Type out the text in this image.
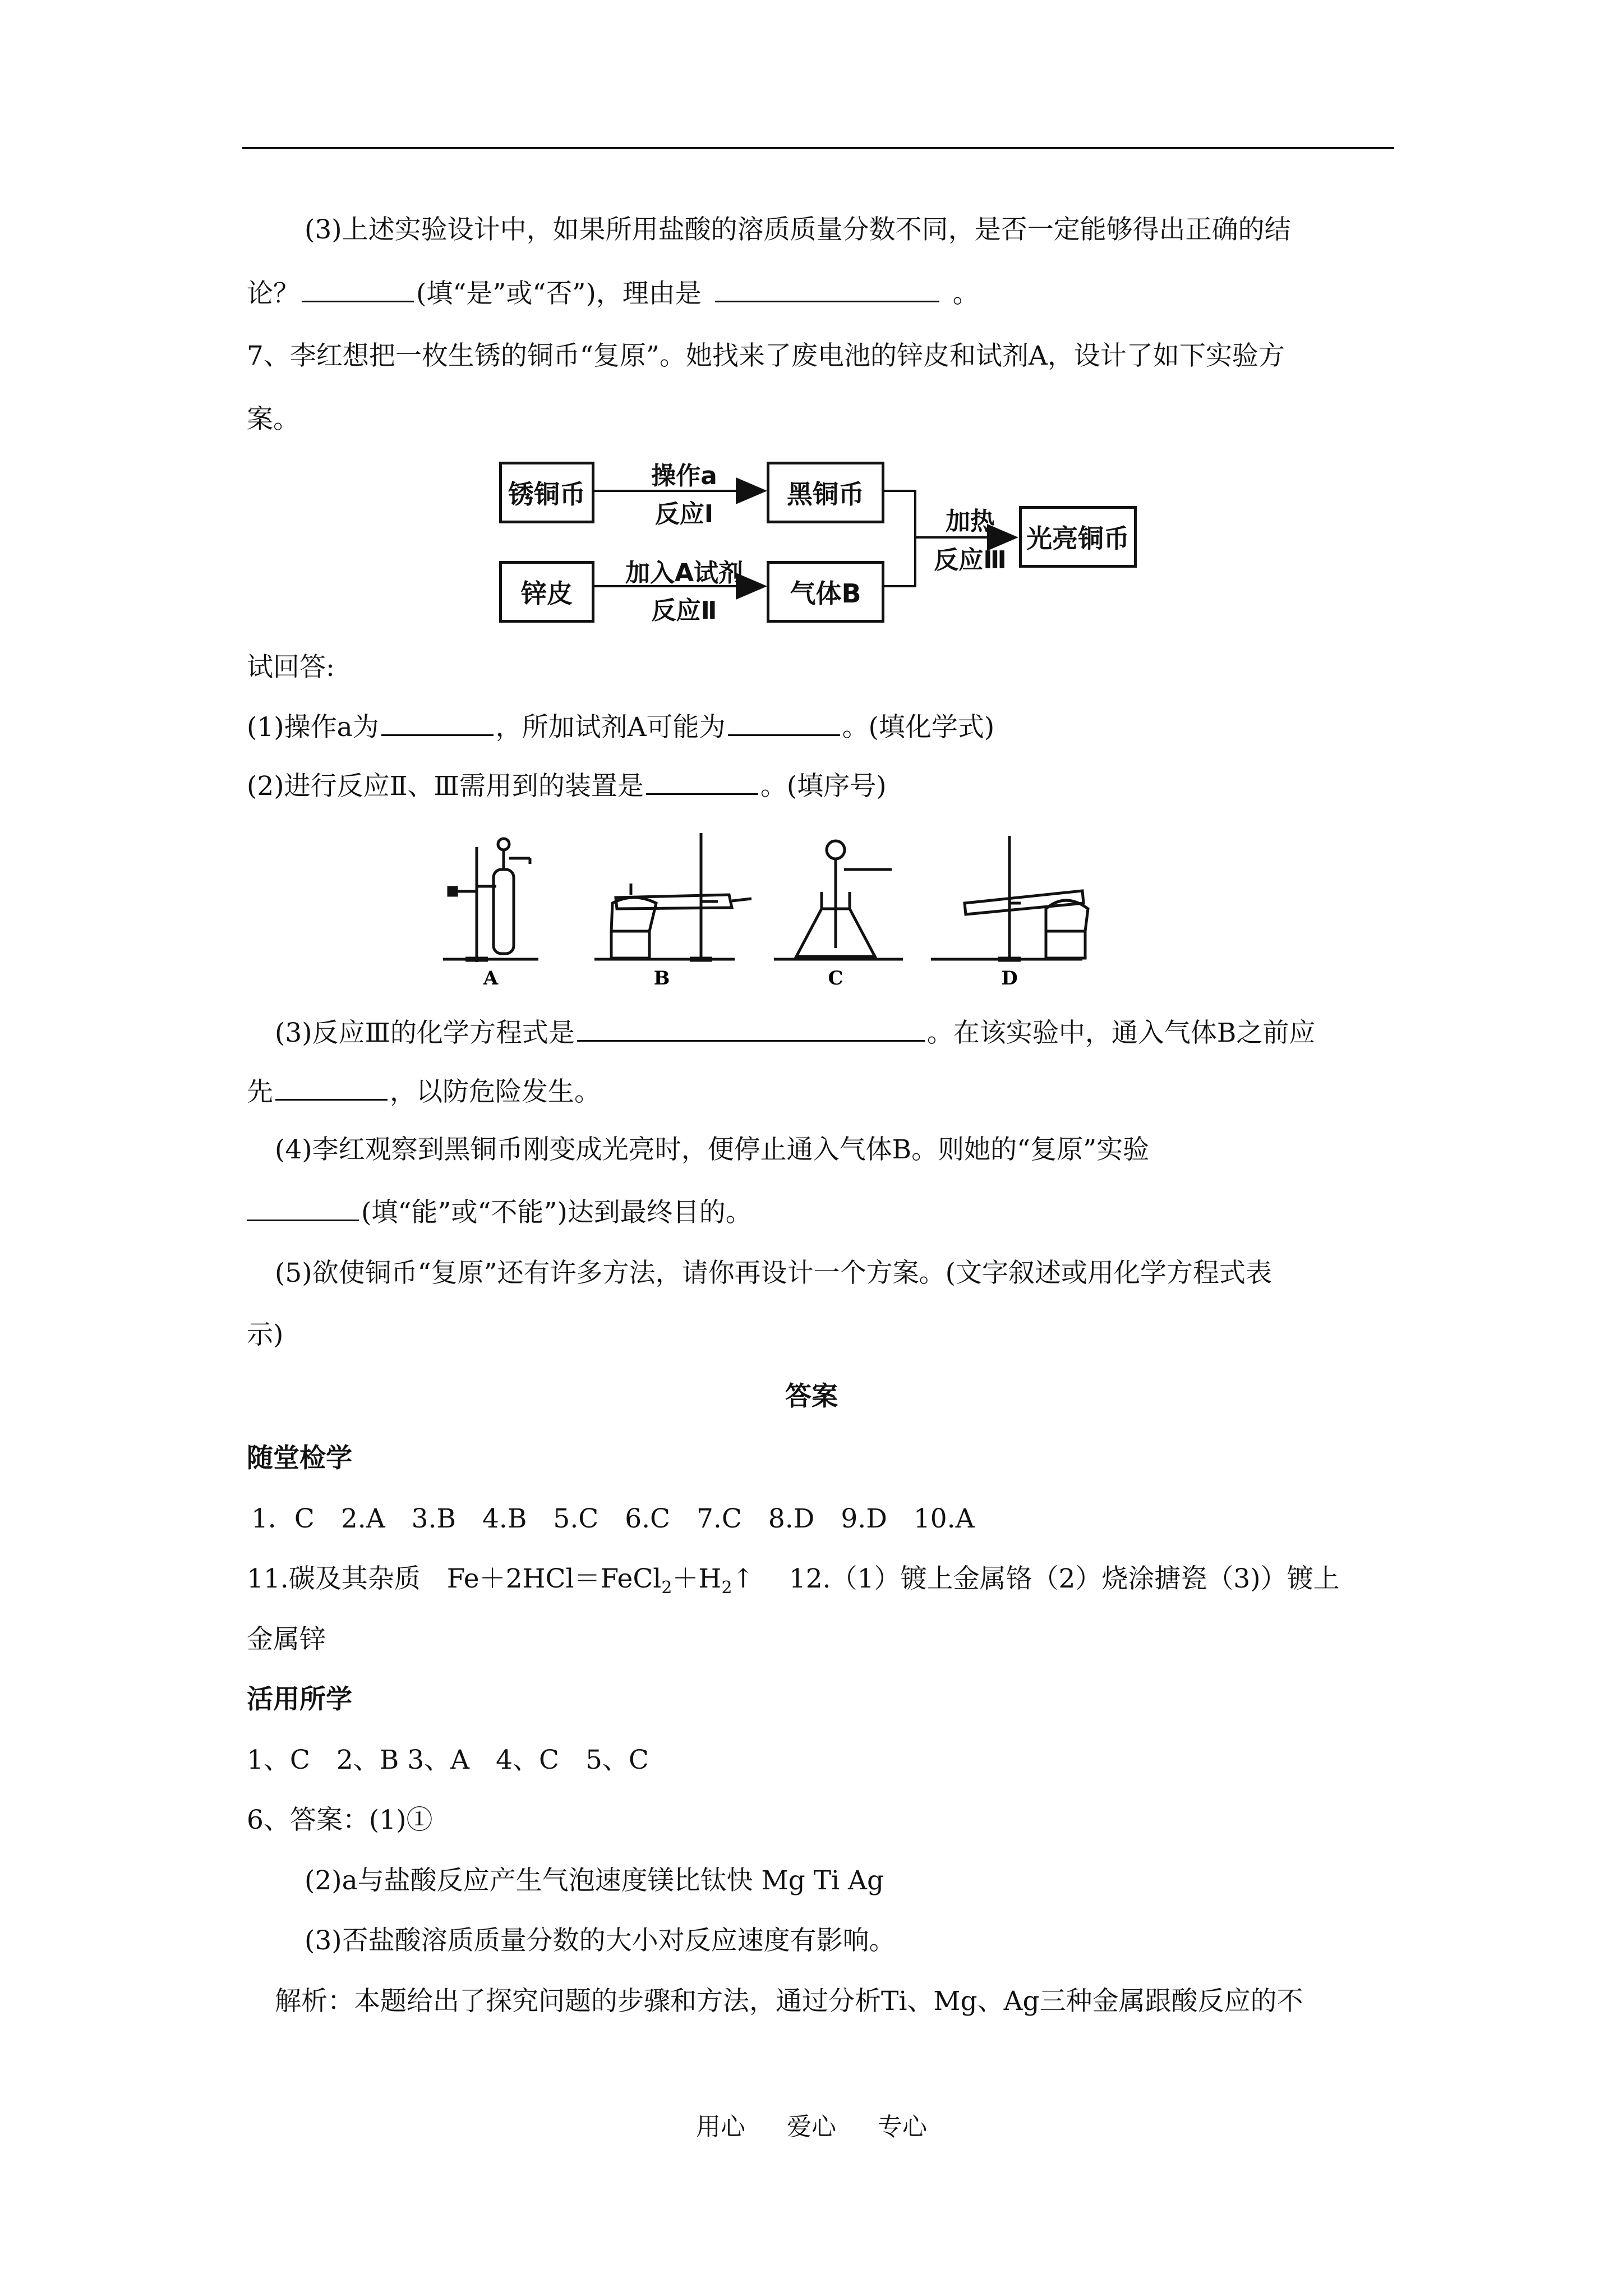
(3)上述实验设计中，如果所用盐酸的溶质质量分数不同，是否一定能够得出正确的结
论？	(填“是”或“否”)，理由是	。
7、李红想把一枚生锈的铜币“复原”。她找来了废电池的锌皮和试剂A，设计了如下实验方
案。
锈铜币	黑铜币
锌皮	气体B
光亮铜币
操作a
反应Ⅰ
加入A试剂
反应Ⅱ
加热
反应Ⅲ
试回答:
(1)操作a为	，所加试剂A可能为	。(填化学式)
(2)进行反应Ⅱ、Ⅲ需用到的装置是	。(填序号)
A	B	C	D
(3)反应Ⅲ的化学方程式是	。在该实验中，通入气体B之前应
先	，以防危险发生。
(4)李红观察到黑铜币刚变成光亮时，便停止通入气体B。则她的“复原”实验
(填“能”或“不能”)达到最终目的。
(5)欲使铜币“复原”还有许多方法，请你再设计一个方案。(文字叙述或用化学方程式表
示)
答案
随堂检学
1．C　2.A　3.B　4.B　5.C　6.C　7.C　8.D　9.D　10.A
11.碳及其杂质　$Fe+2HCl=FeCl_2+H_2↑$　 12.（1）镀上金属铬（2）烧涂搪瓷（3)）镀上
金属锌
活用所学
1、C　2、B 3、A　4、C　5、C
6、答案：(1)①
(2)a与盐酸反应产生气泡速度镁比钛快 Mg Ti Ag
(3)否盐酸溶质质量分数的大小对反应速度有影响。
解析：本题给出了探究问题的步骤和方法，通过分析Ti、Mg、Ag三种金属跟酸反应的不
用心 爱心 专心
